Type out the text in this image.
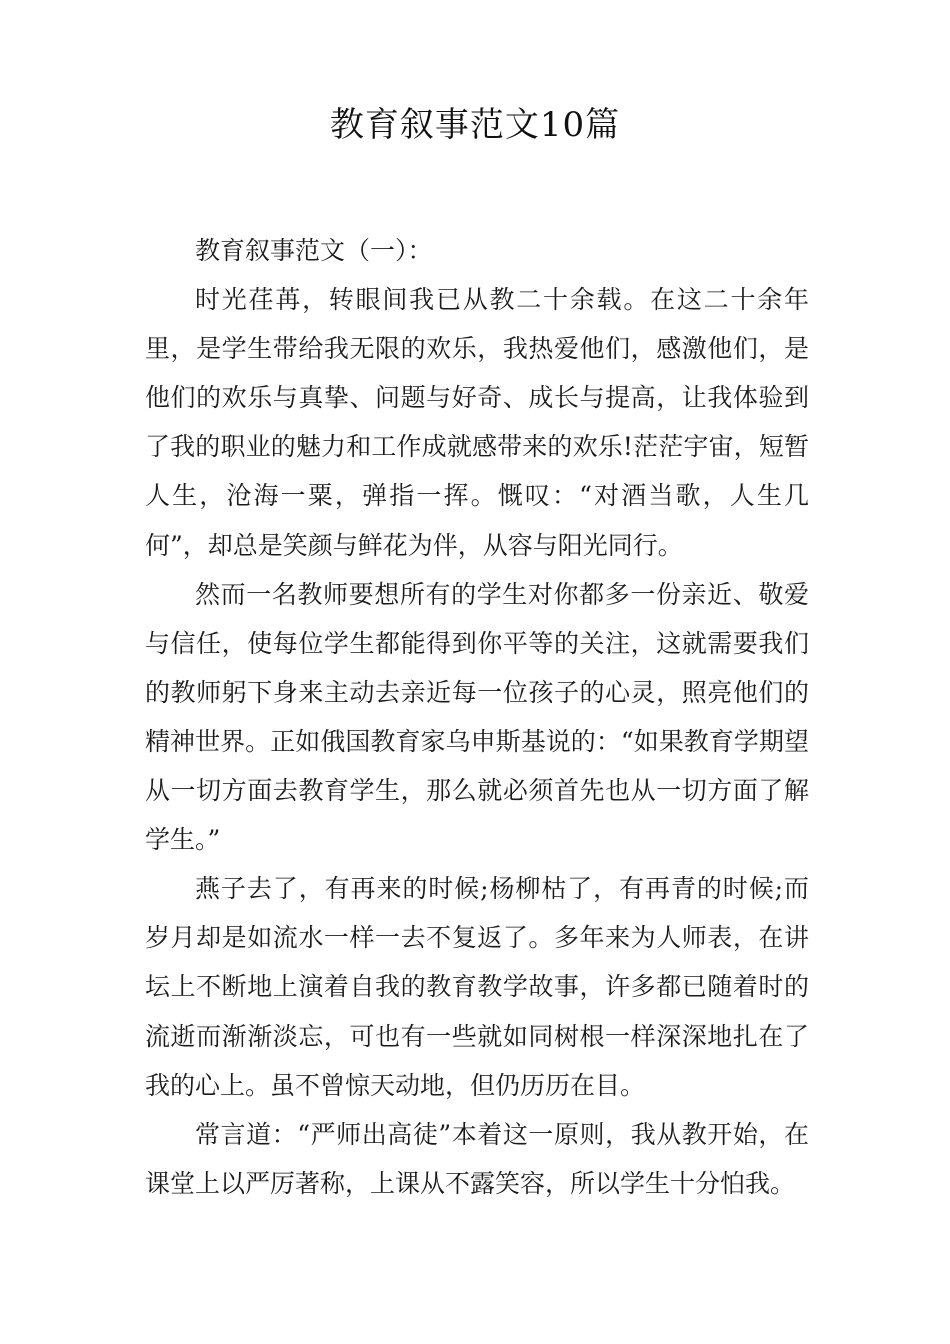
教育叙事范文10篇

教育叙事范文（一）：

时光荏苒，转眼间我已从教二十余载。在这二十余年里，是学生带给我无限的欢乐，我热爱他们，感激他们，是他们的欢乐与真挚、问题与好奇、成长与提高，让我体验到了我的职业的魅力和工作成就感带来的欢乐!茫茫宇宙，短暂人生，沧海一粟，弹指一挥。慨叹：“对酒当歌，人生几何”，却总是笑颜与鲜花为伴，从容与阳光同行。

然而一名教师要想所有的学生对你都多一份亲近、敬爱与信任，使每位学生都能得到你平等的关注，这就需要我们的教师躬下身来主动去亲近每一位孩子的心灵，照亮他们的精神世界。正如俄国教育家乌申斯基说的：“如果教育学期望从一切方面去教育学生，那么就必须首先也从一切方面了解学生。”

燕子去了，有再来的时候;杨柳枯了，有再青的时候;而岁月却是如流水一样一去不复返了。多年来为人师表，在讲坛上不断地上演着自我的教育教学故事，许多都已随着时的流逝而渐渐淡忘，可也有一些就如同树根一样深深地扎在了我的心上。虽不曾惊天动地，但仍历历在目。

常言道：“严师出高徒”本着这一原则，我从教开始，在课堂上以严厉著称，上课从不露笑容，所以学生十分怕我。
